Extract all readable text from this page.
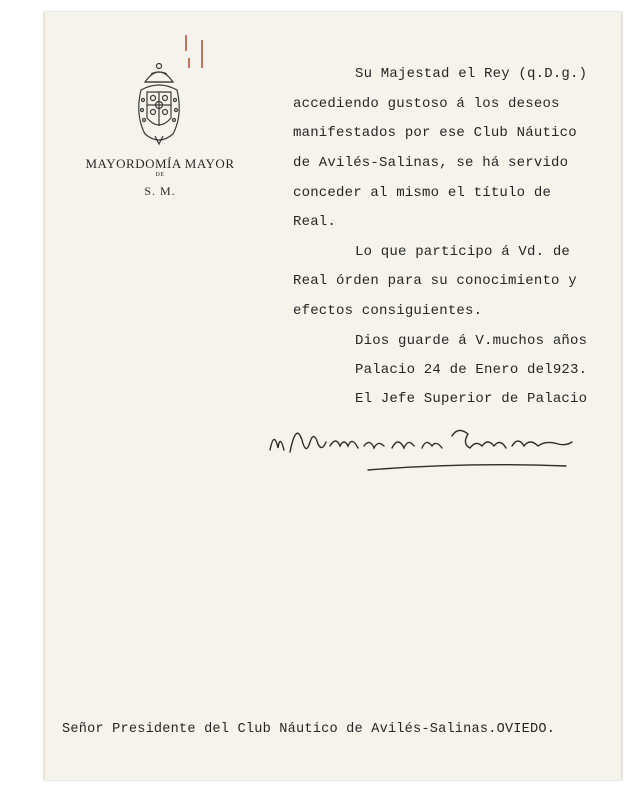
MAYORDOMÍA MAYOR
DE
S. M.
Su Majestad el Rey (q.D.g.)
accediendo gustoso á los deseos
manifestados por ese Club Náutico
de Avilés-Salinas, se há servido
conceder al mismo el título de
Real.
Lo que participo á Vd. de
Real órden para su conocimiento y
efectos consiguientes.
Dios guarde á V.muchos años
Palacio 24 de Enero del923.
El Jefe Superior de Palacio
El Marqués de la Torrecilla
Señor Presidente del Club Náutico de Avilés-Salinas.OVIEDO.
